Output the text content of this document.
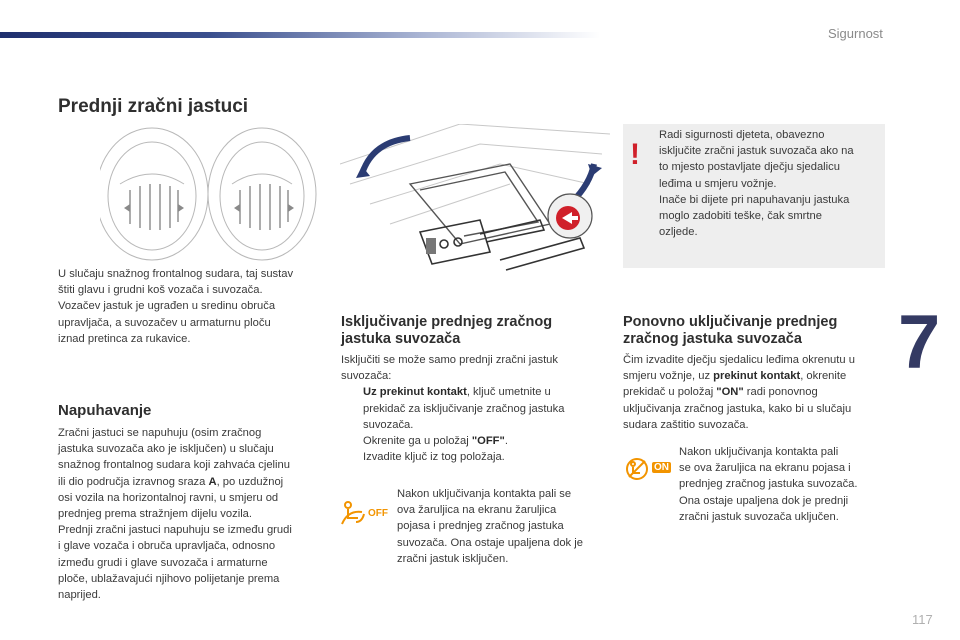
Sigurnost
7
117
Prednji zračni jastuci
!
Radi sigurnosti djeteta, obavezno
isključite zračni jastuk suvozača ako na
to mjesto postavljate dječju sjedalicu
leđima u smjeru vožnje.
Inače bi dijete pri napuhavanju jastuka
moglo zadobiti teške, čak smrtne
ozljede.
U slučaju snažnog frontalnog sudara, taj sustav
štiti glavu i grudni koš vozača i suvozača.
Vozačev jastuk je ugrađen u sredinu obruča
upravljača, a suvozačev u armaturnu ploču
iznad pretinca za rukavice.
Napuhavanje
Zračni jastuci se napuhuju (osim zračnog
jastuka suvozača ako je isključen) u slučaju
snažnog frontalnog sudara koji zahvaća cjelinu
ili dio područja izravnog sraza A, po uzdužnoj
osi vozila na horizontalnoj ravni, u smjeru od
prednjeg prema stražnjem dijelu vozila.
Prednji zračni jastuci napuhuju se između grudi
i glave vozača i obruča upravljača, odnosno
između grudi i glave suvozača i armaturne
ploče, ublažavajući njihovo polijetanje prema
naprijed.
Isključivanje prednjeg zračnog
jastuka suvozača
Isključiti se može samo prednji zračni jastuk
suvozača:
Uz prekinut kontakt, ključ umetnite u
prekidač za isključivanje zračnog jastuka
suvozača.
Okrenite ga u položaj "OFF".
Izvadite ključ iz tog položaja.
OFF
Nakon uključivanja kontakta pali se
ova žaruljica na ekranu žaruljica
pojasa i prednjeg zračnog jastuka
suvozača. Ona ostaje upaljena dok je
zračni jastuk isključen.
Ponovno uključivanje prednjeg
zračnog jastuka suvozača
Čim izvadite dječju sjedalicu leđima okrenutu u
smjeru vožnje, uz prekinut kontakt, okrenite
prekidač u položaj "ON" radi ponovnog
uključivanja zračnog jastuka, kako bi u slučaju
sudara zaštitio suvozača.
ON
Nakon uključivanja kontakta pali
se ova žaruljica na ekranu pojasa i
prednjeg zračnog jastuka suvozača.
Ona ostaje upaljena dok je prednji
zračni jastuk suvozača uključen.
